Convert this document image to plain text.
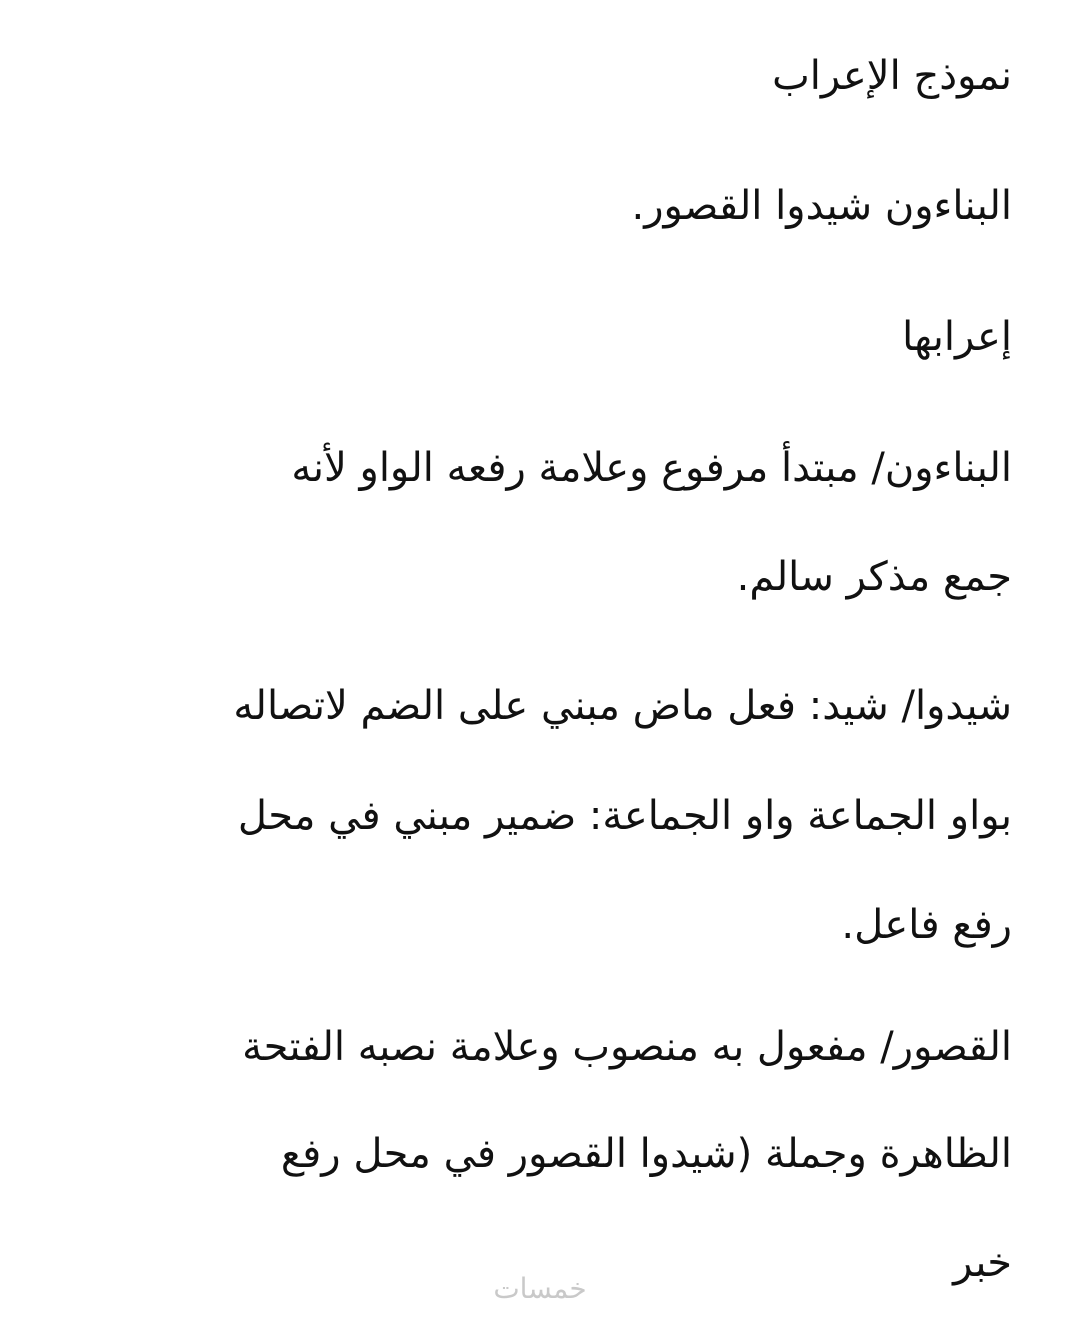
نموذج الإعراب
البناءون شيدوا القصور.
إعرابها
البناءون/ مبتدأ مرفوع وعلامة رفعه الواو لأنه
جمع مذكر سالم.
شيدوا/ شيد: فعل ماض مبني على الضم لاتصاله
بواو الجماعة واو الجماعة: ضمير مبني في محل
رفع فاعل.
القصور/ مفعول به منصوب وعلامة نصبه الفتحة
الظاهرة وجملة (شيدوا القصور في محل رفع
خبر
خمسات
